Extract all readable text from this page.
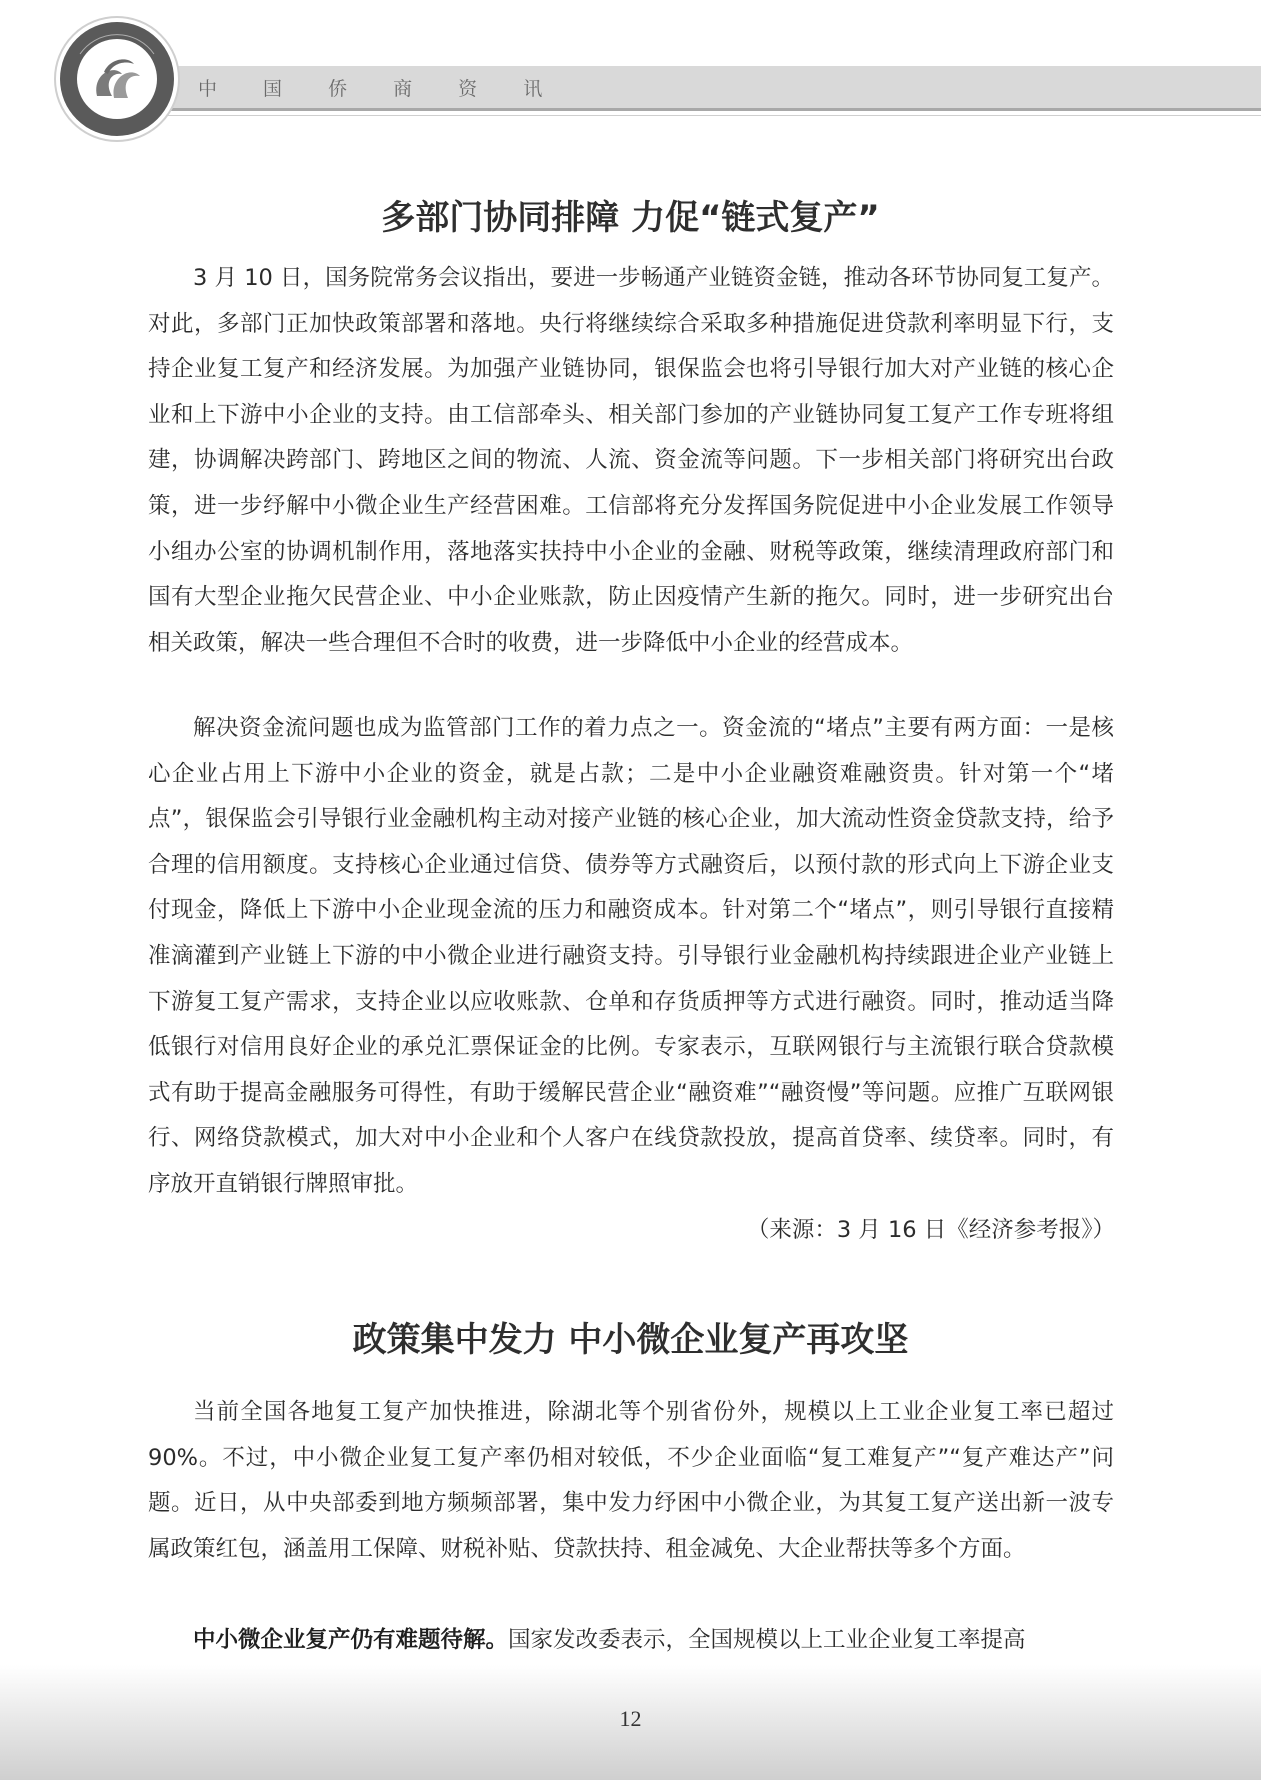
中 国 侨 商 资 讯
多部门协同排障 力促“链式复产”

3 月 10 日，国务院常务会议指出，要进一步畅通产业链资金链，推动各环节协同复工复产。对此，多部门正加快政策部署和落地。央行将继续综合采取多种措施促进贷款利率明显下行，支持企业复工复产和经济发展。为加强产业链协同，银保监会也将引导银行加大对产业链的核心企业和上下游中小企业的支持。由工信部牵头、相关部门参加的产业链协同复工复产工作专班将组建，协调解决跨部门、跨地区之间的物流、人流、资金流等问题。下一步相关部门将研究出台政策，进一步纾解中小微企业生产经营困难。工信部将充分发挥国务院促进中小企业发展工作领导小组办公室的协调机制作用，落地落实扶持中小企业的金融、财税等政策，继续清理政府部门和国有大型企业拖欠民营企业、中小企业账款，防止因疫情产生新的拖欠。同时，进一步研究出台相关政策，解决一些合理但不合时的收费，进一步降低中小企业的经营成本。

解决资金流问题也成为监管部门工作的着力点之一。资金流的“堵点”主要有两方面：一是核心企业占用上下游中小企业的资金，就是占款；二是中小企业融资难融资贵。针对第一个“堵点”，银保监会引导银行业金融机构主动对接产业链的核心企业，加大流动性资金贷款支持，给予合理的信用额度。支持核心企业通过信贷、债券等方式融资后，以预付款的形式向上下游企业支付现金，降低上下游中小企业现金流的压力和融资成本。针对第二个“堵点”，则引导银行直接精准滴灌到产业链上下游的中小微企业进行融资支持。引导银行业金融机构持续跟进企业产业链上下游复工复产需求，支持企业以应收账款、仓单和存货质押等方式进行融资。同时，推动适当降低银行对信用良好企业的承兑汇票保证金的比例。专家表示，互联网银行与主流银行联合贷款模式有助于提高金融服务可得性，有助于缓解民营企业“融资难”“融资慢”等问题。应推广互联网银行、网络贷款模式，加大对中小企业和个人客户在线贷款投放，提高首贷率、续贷率。同时，有序放开直销银行牌照审批。

（来源：3 月 16 日《经济参考报》）

政策集中发力 中小微企业复产再攻坚

当前全国各地复工复产加快推进，除湖北等个别省份外，规模以上工业企业复工率已超过 90%。不过，中小微企业复工复产率仍相对较低，不少企业面临“复工难复产”“复产难达产”问题。近日，从中央部委到地方频频部署，集中发力纾困中小微企业，为其复工复产送出新一波专属政策红包，涵盖用工保障、财税补贴、贷款扶持、租金减免、大企业帮扶等多个方面。

中小微企业复产仍有难题待解。国家发改委表示，全国规模以上工业企业复工率提高

12
